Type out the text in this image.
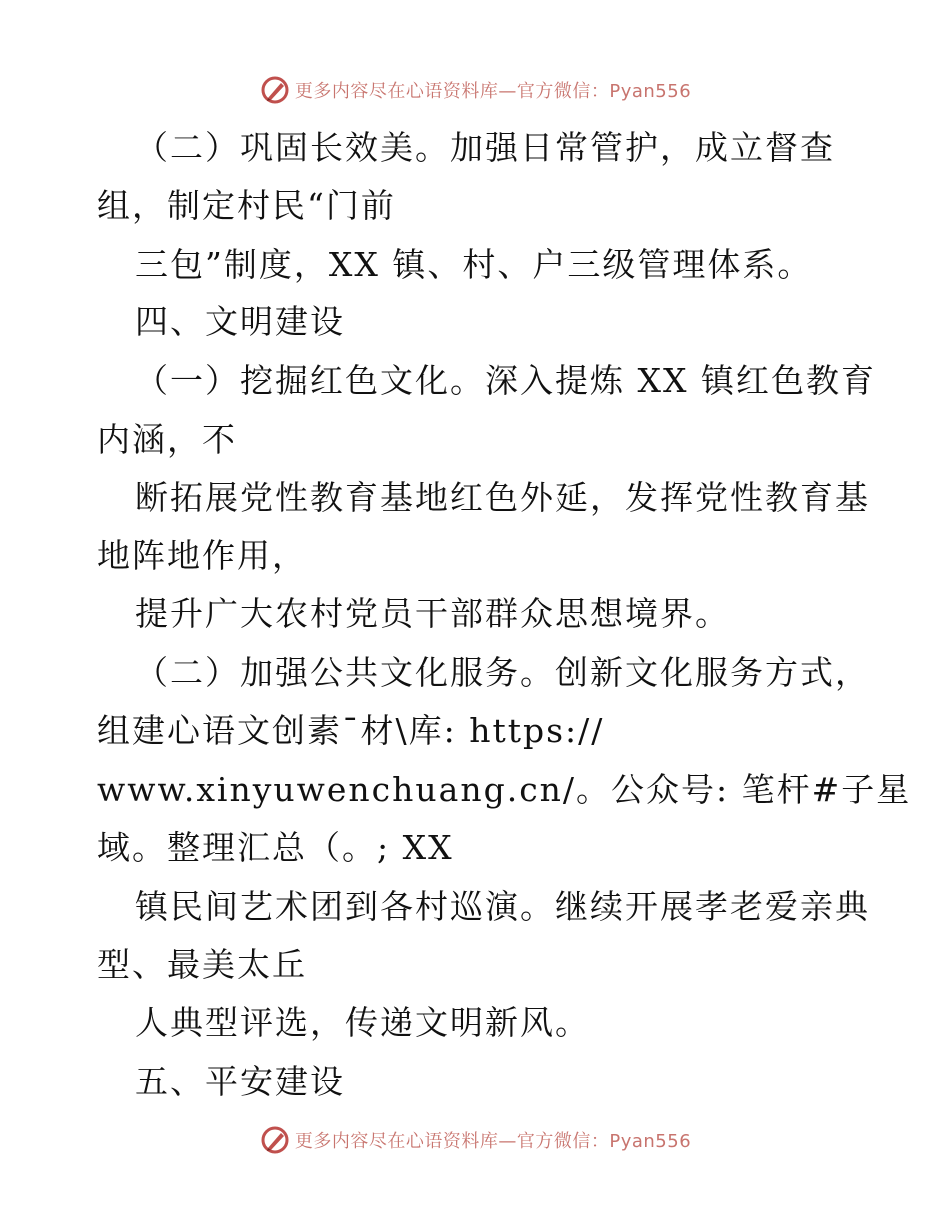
更多内容尽在心语资料库—官方微信：Pyan556
（二）巩固长效美。加强日常管护，成立督查
组，制定村民“门前
三包”制度，XX 镇、村、户三级管理体系。
四、文明建设
（一）挖掘红色文化。深入提炼 XX 镇红色教育
内涵，不
断拓展党性教育基地红色外延，发挥党性教育基
地阵地作用，
提升广大农村党员干部群众思想境界。
（二）加强公共文化服务。创新文化服务方式，
组建心语文创素¯材\库: https://
www.xinyuwenchuang.cn/。公众号: 笔杆#子星
域。整理汇总（。; XX
镇民间艺术团到各村巡演。继续开展孝老爱亲典
型、最美太丘
人典型评选，传递文明新风。
五、平安建设
更多内容尽在心语资料库—官方微信：Pyan556
